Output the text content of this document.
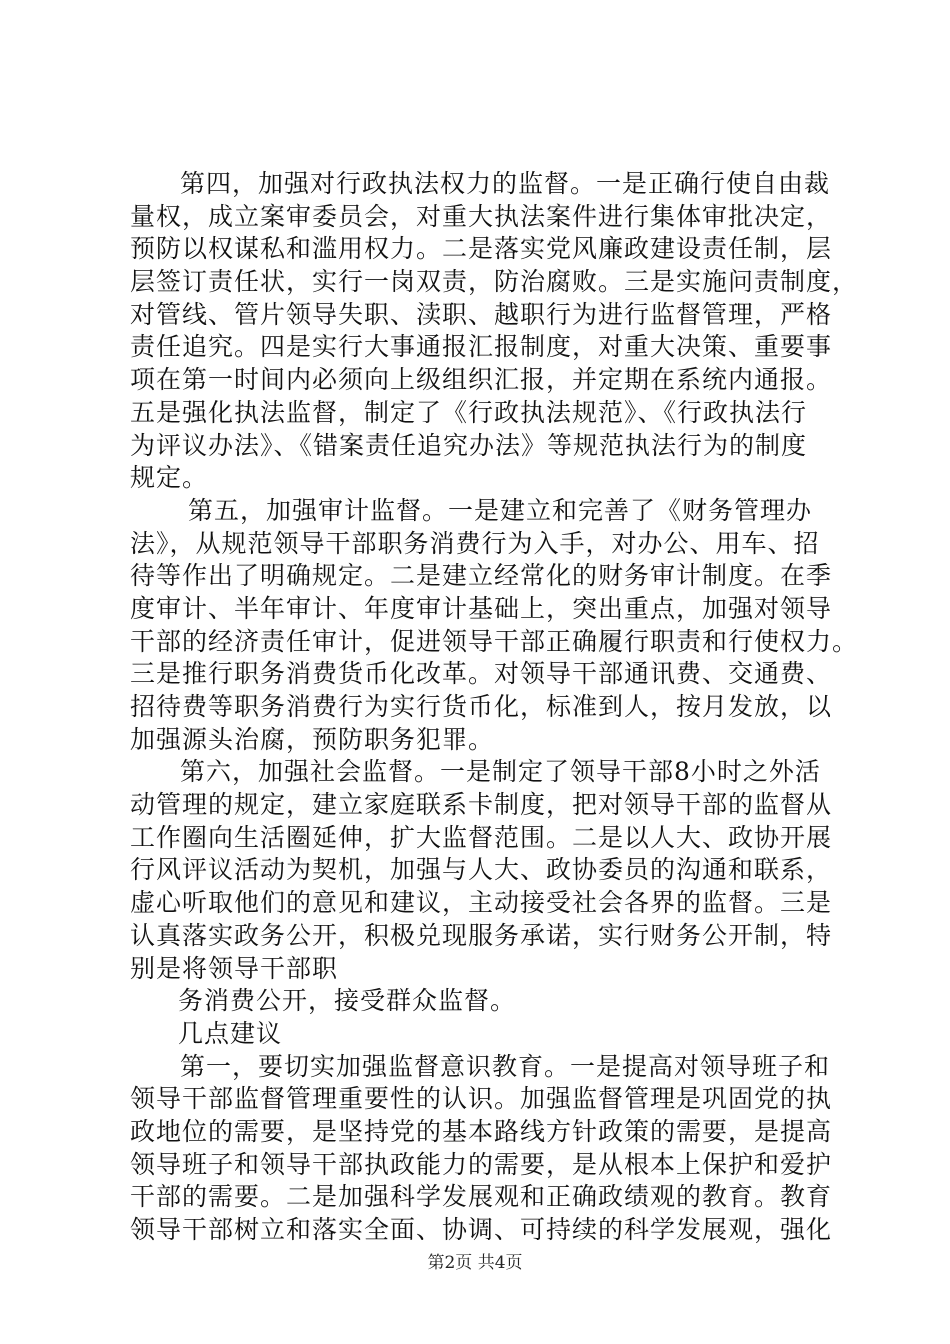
第四，加强对行政执法权力的监督。一是正确行使自由裁
量权，成立案审委员会，对重大执法案件进行集体审批决定，
预防以权谋私和滥用权力。二是落实党风廉政建设责任制，层
层签订责任状，实行一岗双责，防治腐败。三是实施问责制度，
对管线、管片领导失职、渎职、越职行为进行监督管理，严格
责任追究。四是实行大事通报汇报制度，对重大决策、重要事
项在第一时间内必须向上级组织汇报，并定期在系统内通报。
五是强化执法监督，制定了《行政执法规范》、《行政执法行
为评议办法》、《错案责任追究办法》等规范执法行为的制度
规定。
第五，加强审计监督。一是建立和完善了《财务管理办
法》，从规范领导干部职务消费行为入手，对办公、用车、招
待等作出了明确规定。二是建立经常化的财务审计制度。在季
度审计、半年审计、年度审计基础上，突出重点，加强对领导
干部的经济责任审计，促进领导干部正确履行职责和行使权力。
三是推行职务消费货币化改革。对领导干部通讯费、交通费、
招待费等职务消费行为实行货币化，标准到人，按月发放，以
加强源头治腐，预防职务犯罪。
第六，加强社会监督。一是制定了领导干部8小时之外活
动管理的规定，建立家庭联系卡制度，把对领导干部的监督从
工作圈向生活圈延伸，扩大监督范围。二是以人大、政协开展
行风评议活动为契机，加强与人大、政协委员的沟通和联系，
虚心听取他们的意见和建议，主动接受社会各界的监督。三是
认真落实政务公开，积极兑现服务承诺，实行财务公开制，特
别是将领导干部职
务消费公开，接受群众监督。
几点建议
第一，要切实加强监督意识教育。一是提高对领导班子和
领导干部监督管理重要性的认识。加强监督管理是巩固党的执
政地位的需要，是坚持党的基本路线方针政策的需要，是提高
领导班子和领导干部执政能力的需要，是从根本上保护和爱护
干部的需要。二是加强科学发展观和正确政绩观的教育。教育
领导干部树立和落实全面、协调、可持续的科学发展观，强化
第2页 共4页
